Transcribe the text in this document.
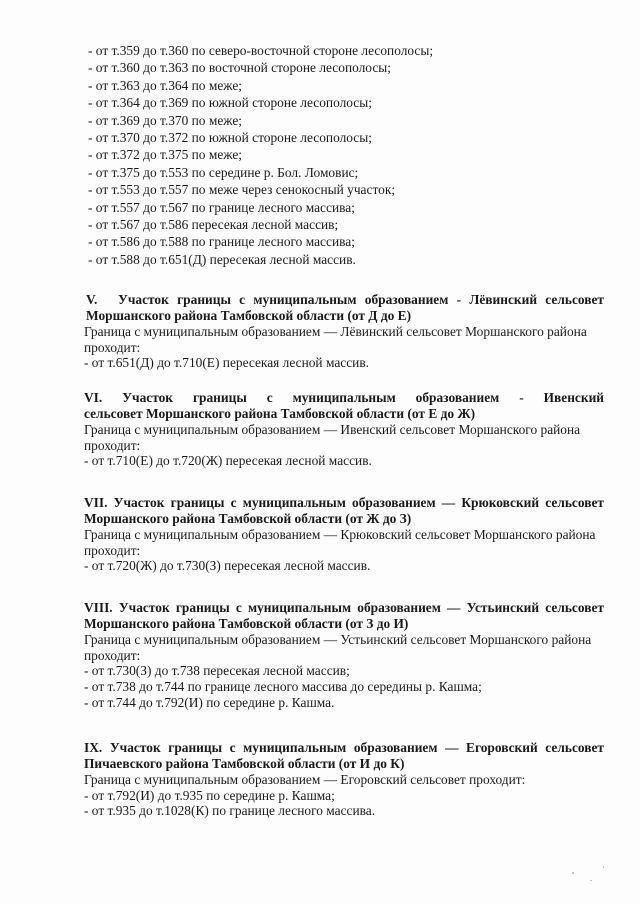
- от т.359 до т.360 по северо-восточной стороне лесополосы;
- от т.360 до т.363 по восточной стороне лесополосы;
- от т.363 до т.364 по меже;
- от т.364 до т.369 по южной стороне лесополосы;
- от т.369 до т.370 по меже;
- от т.370 до т.372 по южной стороне лесополосы;
- от т.372 до т.375 по меже;
- от т.375 до т.553 по середине р. Бол. Ломовис;
- от т.553 до т.557 по меже через сенокосный участок;
- от т.557 до т.567 по границе лесного массива;
- от т.567 до т.586 пересекая лесной массив;
- от т.586 до т.588 по границе лесного массива;
- от т.588 до т.651(Д) пересекая лесной массив.

V. Участок границы с муниципальным образованием - Лёвинский сельсовет Моршанского района Тамбовской области (от Д до Е)

Граница с муниципальным образованием — Лёвинский сельсовет Моршанского района проходит:

- от т.651(Д) до т.710(Е) пересекая лесной массив.

VI. Участок границы с муниципальным образованием - Ивенский
сельсовет Моршанского района Тамбовской области (от Е до Ж)

Граница с муниципальным образованием — Ивенский сельсовет Моршанского района проходит:

- от т.710(Е) до т.720(Ж) пересекая лесной массив.

VII. Участок границы с муниципальным образованием — Крюковский сельсовет Моршанского района Тамбовской области (от Ж до З)

Граница с муниципальным образованием — Крюковский сельсовет Моршанского района проходит:

- от т.720(Ж) до т.730(З) пересекая лесной массив.

VIII. Участок границы с муниципальным образованием — Устьинский сельсовет Моршанского района Тамбовской области (от З до И)

Граница с муниципальным образованием — Устьинский сельсовет Моршанского района проходит:

- от т.730(З) до т.738 пересекая лесной массив;
- от т.738 до т.744 по границе лесного массива до середины р. Кашма;
- от т.744 до т.792(И) по середине р. Кашма.

IX. Участок границы с муниципальным образованием — Егоровский сельсовет Пичаевского района Тамбовской области (от И до К)

Граница с муниципальным образованием — Егоровский сельсовет проходит:

- от т.792(И) до т.935 по середине р. Кашма;
- от т.935 до т.1028(К) по границе лесного массива.
